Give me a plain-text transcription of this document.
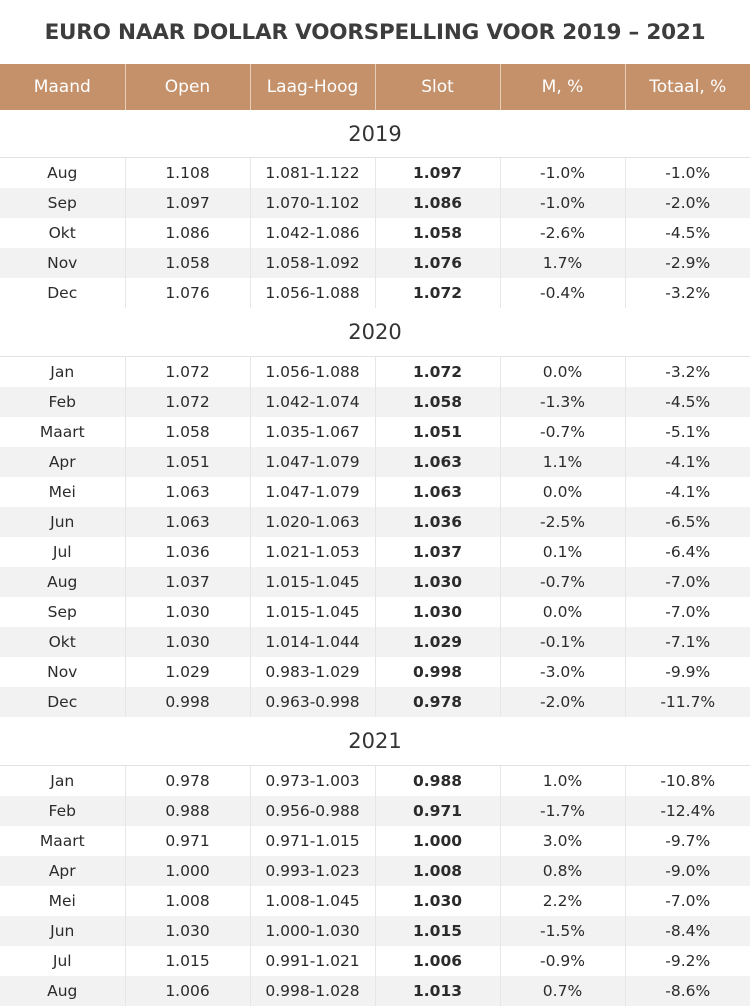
EURO NAAR DOLLAR VOORSPELLING VOOR 2019 – 2021
Maand	Open	Laag-Hoog	Slot	M, %	Totaal, %
2019					
Aug	1.108	1.081-1.122	1.097	-1.0%	-1.0%
Sep	1.097	1.070-1.102	1.086	-1.0%	-2.0%
Okt	1.086	1.042-1.086	1.058	-2.6%	-4.5%
Nov	1.058	1.058-1.092	1.076	1.7%	-2.9%
Dec	1.076	1.056-1.088	1.072	-0.4%	-3.2%
2020					
Jan	1.072	1.056-1.088	1.072	0.0%	-3.2%
Feb	1.072	1.042-1.074	1.058	-1.3%	-4.5%
Maart	1.058	1.035-1.067	1.051	-0.7%	-5.1%
Apr	1.051	1.047-1.079	1.063	1.1%	-4.1%
Mei	1.063	1.047-1.079	1.063	0.0%	-4.1%
Jun	1.063	1.020-1.063	1.036	-2.5%	-6.5%
Jul	1.036	1.021-1.053	1.037	0.1%	-6.4%
Aug	1.037	1.015-1.045	1.030	-0.7%	-7.0%
Sep	1.030	1.015-1.045	1.030	0.0%	-7.0%
Okt	1.030	1.014-1.044	1.029	-0.1%	-7.1%
Nov	1.029	0.983-1.029	0.998	-3.0%	-9.9%
Dec	0.998	0.963-0.998	0.978	-2.0%	-11.7%
2021					
Jan	0.978	0.973-1.003	0.988	1.0%	-10.8%
Feb	0.988	0.956-0.988	0.971	-1.7%	-12.4%
Maart	0.971	0.971-1.015	1.000	3.0%	-9.7%
Apr	1.000	0.993-1.023	1.008	0.8%	-9.0%
Mei	1.008	1.008-1.045	1.030	2.2%	-7.0%
Jun	1.030	1.000-1.030	1.015	-1.5%	-8.4%
Jul	1.015	0.991-1.021	1.006	-0.9%	-9.2%
Aug	1.006	0.998-1.028	1.013	0.7%	-8.6%
